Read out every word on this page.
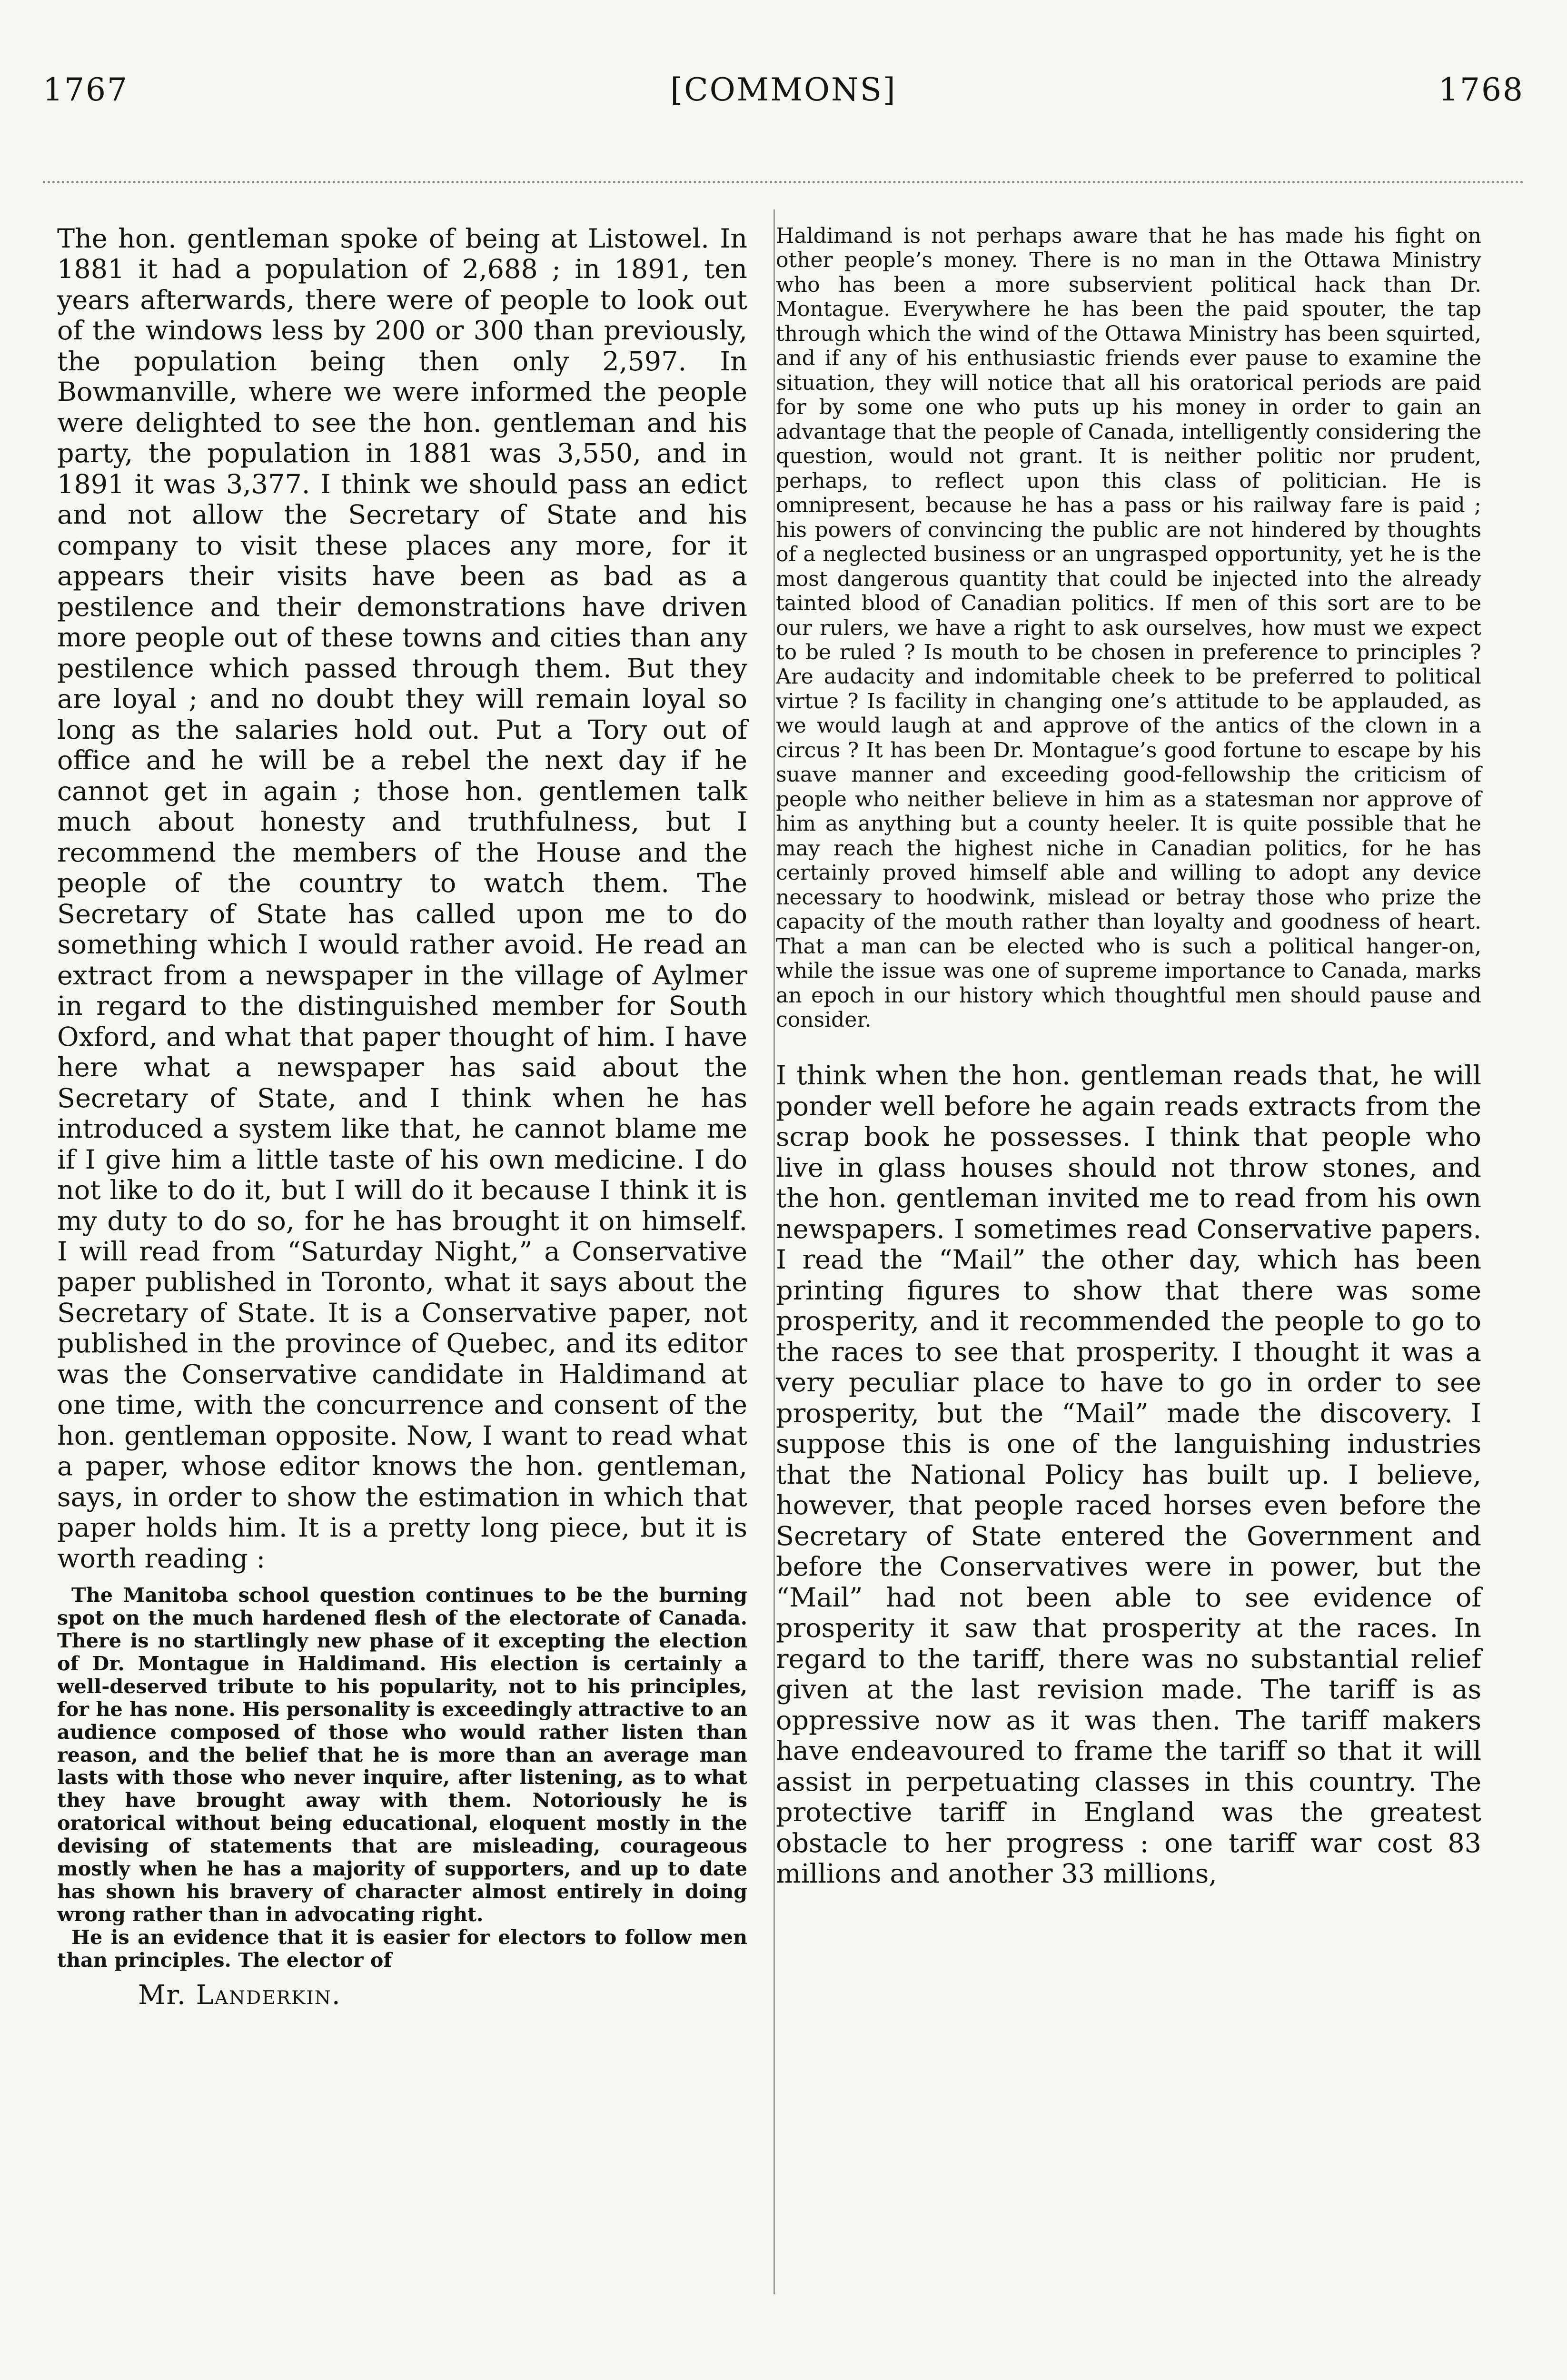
1767	[COMMONS]	1768

The hon. gentleman spoke of being at Listowel. In 1881 it had a population of 2,688 ; in 1891, ten years afterwards, there were of people to look out of the windows less by 200 or 300 than previously, the population being then only 2,597. In Bowmanville, where we were informed the people were delighted to see the hon. gentleman and his party, the population in 1881 was 3,550, and in 1891 it was 3,377. I think we should pass an edict and not allow the Secretary of State and his company to visit these places any more, for it appears their visits have been as bad as a pestilence and their demonstrations have driven more people out of these towns and cities than any pestilence which passed through them. But they are loyal ; and no doubt they will remain loyal so long as the salaries hold out. Put a Tory out of office and he will be a rebel the next day if he cannot get in again ; those hon. gentlemen talk much about honesty and truthfulness, but I recommend the members of the House and the people of the country to watch them. The Secretary of State has called upon me to do something which I would rather avoid. He read an extract from a newspaper in the village of Aylmer in regard to the distinguished member for South Oxford, and what that paper thought of him. I have here what a newspaper has said about the Secretary of State, and I think when he has introduced a system like that, he cannot blame me if I give him a little taste of his own medicine. I do not like to do it, but I will do it because I think it is my duty to do so, for he has brought it on himself. I will read from “Saturday Night,” a Conservative paper published in Toronto, what it says about the Secretary of State. It is a Conservative paper, not published in the province of Quebec, and its editor was the Conservative candidate in Haldimand at one time, with the concurrence and consent of the hon. gentleman opposite. Now, I want to read what a paper, whose editor knows the hon. gentleman, says, in order to show the estimation in which that paper holds him. It is a pretty long piece, but it is worth reading :

The Manitoba school question continues to be the burning spot on the much hardened flesh of the electorate of Canada. There is no startlingly new phase of it excepting the election of Dr. Montague in Haldimand. His election is certainly a well-deserved tribute to his popularity, not to his principles, for he has none. His personality is exceedingly attractive to an audience composed of those who would rather listen than reason, and the belief that he is more than an average man lasts with those who never inquire, after listening, as to what they have brought away with them. Notoriously he is oratorical without being educational, eloquent mostly in the devising of statements that are misleading, courageous mostly when he has a majority of supporters, and up to date has shown his bravery of character almost entirely in doing wrong rather than in advocating right.

He is an evidence that it is easier for electors to follow men than principles. The elector of

Mr. Landerkin.

Haldimand is not perhaps aware that he has made his fight on other people’s money. There is no man in the Ottawa Ministry who has been a more subservient political hack than Dr. Montague. Everywhere he has been the paid spouter, the tap through which the wind of the Ottawa Ministry has been squirted, and if any of his enthusiastic friends ever pause to examine the situation, they will notice that all his oratorical periods are paid for by some one who puts up his money in order to gain an advantage that the people of Canada, intelligently considering the question, would not grant. It is neither politic nor prudent, perhaps, to reflect upon this class of politician. He is omnipresent, because he has a pass or his railway fare is paid ; his powers of convincing the public are not hindered by thoughts of a neglected business or an ungrasped opportunity, yet he is the most dangerous quantity that could be injected into the already tainted blood of Canadian politics. If men of this sort are to be our rulers, we have a right to ask ourselves, how must we expect to be ruled ? Is mouth to be chosen in preference to principles ? Are audacity and indomitable cheek to be preferred to political virtue ? Is facility in changing one’s attitude to be applauded, as we would laugh at and approve of the antics of the clown in a circus ? It has been Dr. Montague’s good fortune to escape by his suave manner and exceeding good-fellowship the criticism of people who neither believe in him as a statesman nor approve of him as anything but a county heeler. It is quite possible that he may reach the highest niche in Canadian politics, for he has certainly proved himself able and willing to adopt any device necessary to hoodwink, mislead or betray those who prize the capacity of the mouth rather than loyalty and goodness of heart. That a man can be elected who is such a political hanger-on, while the issue was one of supreme importance to Canada, marks an epoch in our history which thoughtful men should pause and consider.

I think when the hon. gentleman reads that, he will ponder well before he again reads extracts from the scrap book he possesses. I think that people who live in glass houses should not throw stones, and the hon. gentleman invited me to read from his own newspapers. I sometimes read Conservative papers. I read the “Mail” the other day, which has been printing figures to show that there was some prosperity, and it recommended the people to go to the races to see that prosperity. I thought it was a very peculiar place to have to go in order to see prosperity, but the “Mail” made the discovery. I suppose this is one of the languishing industries that the National Policy has built up. I believe, however, that people raced horses even before the Secretary of State entered the Government and before the Conservatives were in power, but the “Mail” had not been able to see evidence of prosperity it saw that prosperity at the races. In regard to the tariff, there was no substantial relief given at the last revision made. The tariff is as oppressive now as it was then. The tariff makers have endeavoured to frame the tariff so that it will assist in perpetuating classes in this country. The protective tariff in England was the greatest obstacle to her progress : one tariff war cost 83 millions and another 33 millions,
